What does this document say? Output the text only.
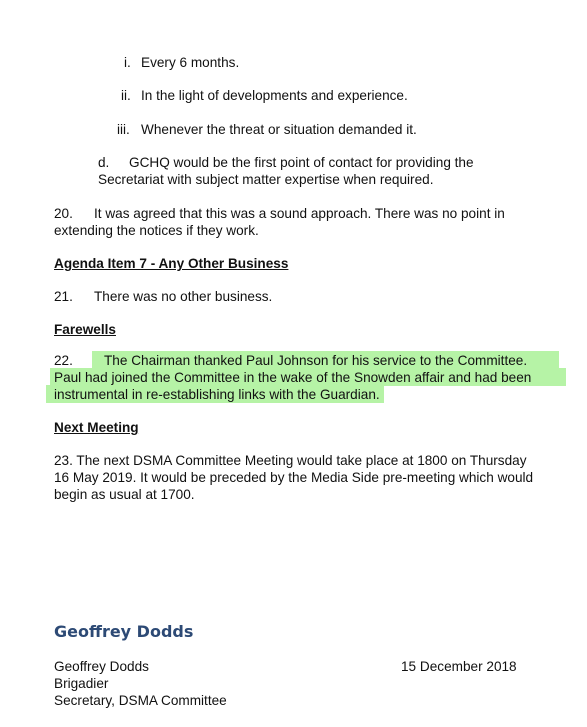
i. Every 6 months.
ii. In the light of developments and experience.
iii. Whenever the threat or situation demanded it.
d. GCHQ would be the first point of contact for providing the
Secretariat with subject matter expertise when required.
20. It was agreed that this was a sound approach. There was no point in
extending the notices if they work.
Agenda Item 7 - Any Other Business
21. There was no other business.
Farewells
22. The Chairman thanked Paul Johnson for his service to the Committee.
Paul had joined the Committee in the wake of the Snowden affair and had been
instrumental in re-establishing links with the Guardian.
Next Meeting
23. The next DSMA Committee Meeting would take place at 1800 on Thursday
16 May 2019. It would be preceded by the Media Side pre-meeting which would
begin as usual at 1700.
Geoffrey Dodds
Geoffrey Dodds
Brigadier
Secretary, DSMA Committee
15 December 2018
